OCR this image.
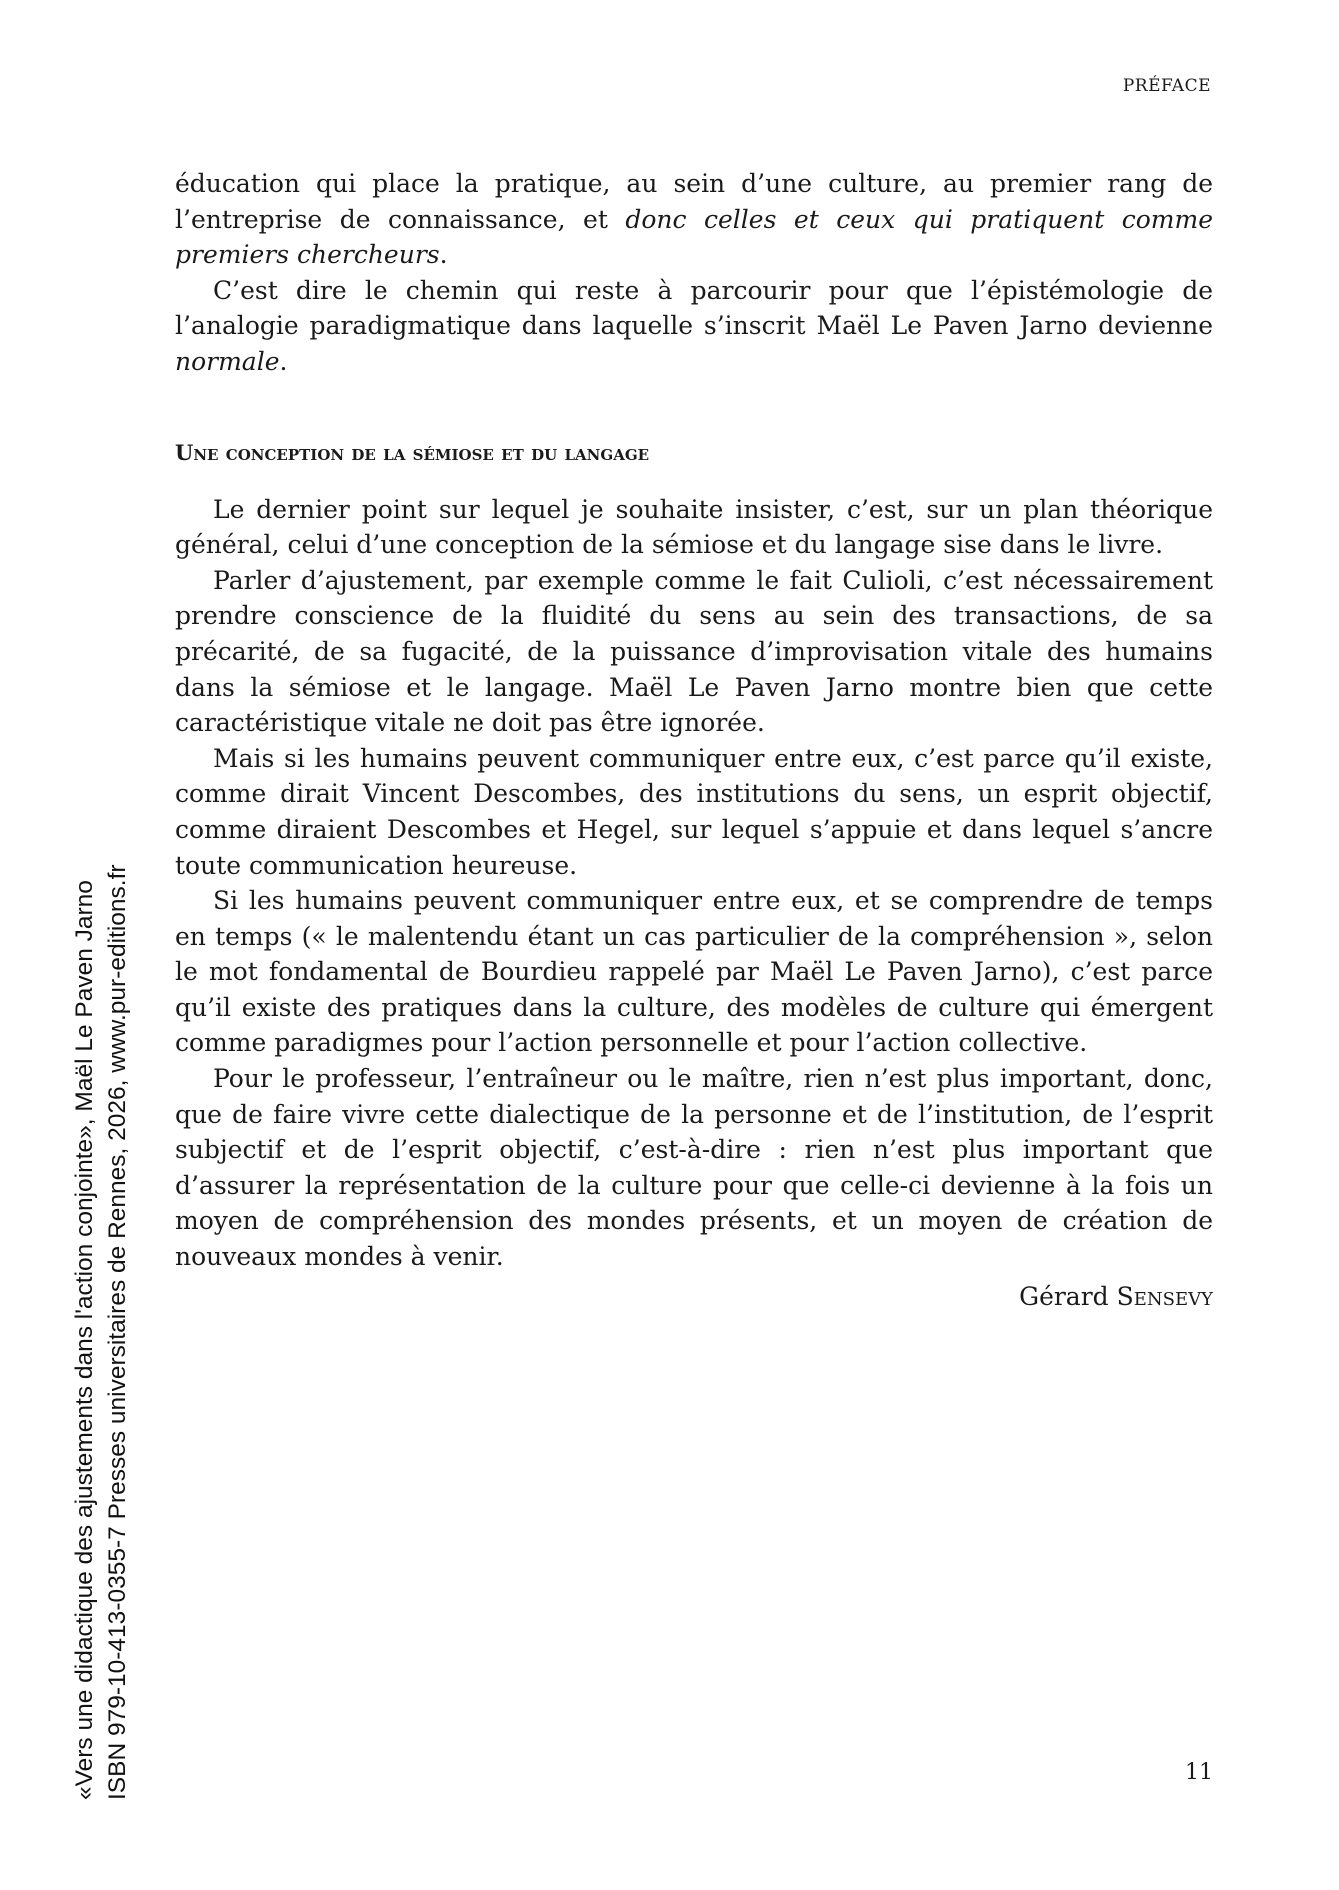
PRÉFACE

éducation qui place la pratique, au sein d’une culture, au premier rang de l’entreprise de connaissance, et donc celles et ceux qui pratiquent comme premiers chercheurs.

C’est dire le chemin qui reste à parcourir pour que l’épistémologie de l’analogie paradigmatique dans laquelle s’inscrit Maël Le Paven Jarno devienne normale.

Une conception de la sémiose et du langage

Le dernier point sur lequel je souhaite insister, c’est, sur un plan théorique général, celui d’une conception de la sémiose et du langage sise dans le livre.

Parler d’ajustement, par exemple comme le fait Culioli, c’est nécessairement prendre conscience de la fluidité du sens au sein des transactions, de sa précarité, de sa fugacité, de la puissance d’improvisation vitale des humains dans la sémiose et le langage. Maël Le Paven Jarno montre bien que cette caractéristique vitale ne doit pas être ignorée.

Mais si les humains peuvent communiquer entre eux, c’est parce qu’il existe, comme dirait Vincent Descombes, des institutions du sens, un esprit objectif, comme diraient Descombes et Hegel, sur lequel s’appuie et dans lequel s’ancre toute communication heureuse.

Si les humains peuvent communiquer entre eux, et se comprendre de temps en temps (« le malentendu étant un cas particulier de la compréhension », selon le mot fondamental de Bourdieu rappelé par Maël Le Paven Jarno), c’est parce qu’il existe des pratiques dans la culture, des modèles de culture qui émergent comme paradigmes pour l’action personnelle et pour l’action collective.

Pour le professeur, l’entraîneur ou le maître, rien n’est plus important, donc, que de faire vivre cette dialectique de la personne et de l’institution, de l’esprit subjectif et de l’esprit objectif, c’est-à-dire : rien n’est plus important que d’assurer la représentation de la culture pour que celle-ci devienne à la fois un moyen de compréhension des mondes présents, et un moyen de création de nouveaux mondes à venir.

Gérard Sensevy
11
«Vers une didactique des ajustements dans l'action conjointe», Maël Le Paven Jarno ISBN 979-10-413-0355-7 Presses universitaires de Rennes, 2026, www.pur-editions.fr
